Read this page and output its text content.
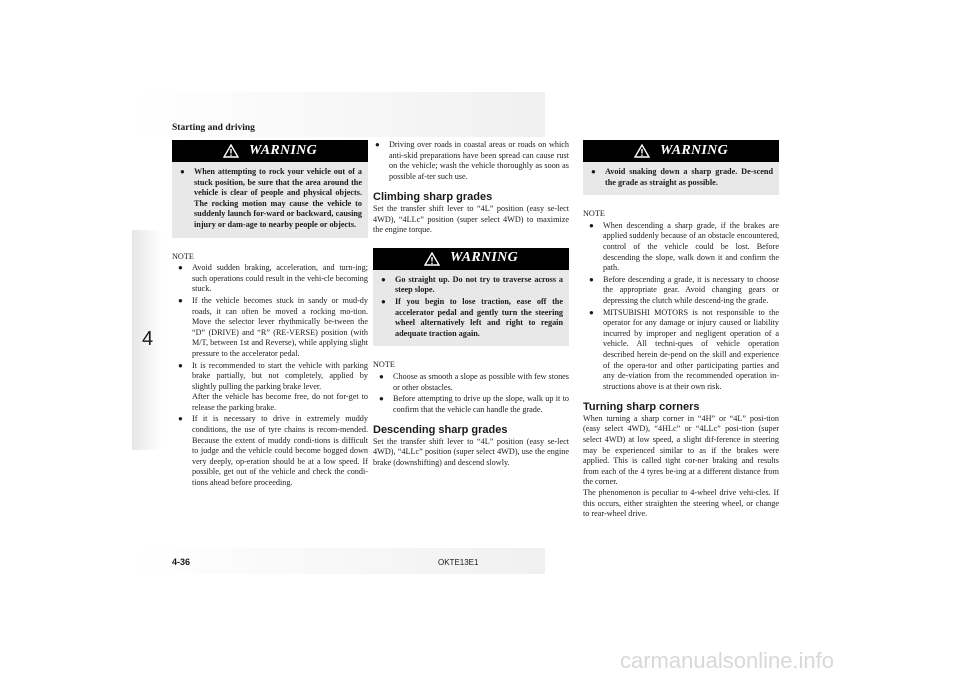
Starting and driving
4
WARNING
●	When attempting to rock your vehicle out of a stuck position, be sure that the area around the vehicle is clear of people and physical objects. The rocking motion may cause the vehicle to suddenly launch for-ward or backward, causing injury or dam-age to nearby people or objects.

NOTE

●	Avoid sudden braking, acceleration, and turn-ing; such operations could result in the vehi-cle becoming stuck.
●	If the vehicle becomes stuck in sandy or mud-dy roads, it can often be moved a rocking mo-tion. Move the selector lever rhythmically be-tween the “D” (DRIVE) and “R” (RE-VERSE) position (with M/T, between 1st and Reverse), while applying slight pressure to the accelerator pedal.
●	It is recommended to start the vehicle with parking brake partially, but not completely, applied by slightly pulling the parking brake lever.
After the vehicle has become free, do not for-get to release the parking brake.
●	If it is necessary to drive in extremely muddy conditions, the use of tyre chains is recom-mended. Because the extent of muddy condi-tions is difficult to judge and the vehicle could become bogged down very deeply, op-eration should be at a low speed. If possible, get out of the vehicle and check the condi-tions ahead before proceeding.
●	Driving over roads in coastal areas or roads on which anti-skid preparations have been spread can cause rust on the vehicle; wash the vehicle thoroughly as soon as possible af-ter such use.
Climbing sharp grades

Set the transfer shift lever to “4L” position (easy se-lect 4WD), “4LLc” position (super select 4WD) to maximize the engine torque.

WARNING
●	Go straight up. Do not try to traverse across a steep slope.
●	If you begin to lose traction, ease off the accelerator pedal and gently turn the steering wheel alternatively left and right to regain adequate traction again.

NOTE

●	Choose as smooth a slope as possible with few stones or other obstacles.
●	Before attempting to drive up the slope, walk up it to confirm that the vehicle can handle the grade.
Descending sharp grades

Set the transfer shift lever to “4L” position (easy se-lect 4WD), “4LLc” position (super select 4WD), use the engine brake (downshifting) and descend slowly.

WARNING
●	Avoid snaking down a sharp grade. De-scend the grade as straight as possible.

NOTE

●	When descending a sharp grade, if the brakes are applied suddenly because of an obstacle encountered, control of the vehicle could be lost. Before descending the slope, walk down it and confirm the path.
●	Before descending a grade, it is necessary to choose the appropriate gear. Avoid changing gears or depressing the clutch while descend-ing the grade.
●	MITSUBISHI MOTORS is not responsible to the operator for any damage or injury caused or liability incurred by improper and negligent operation of a vehicle. All techni-ques of vehicle operation described herein de-pend on the skill and experience of the opera-tor and other participating parties and any de-viation from the recommended operation in-structions above is at their own risk.
Turning sharp corners

When turning a sharp corner in “4H” or “4L” posi-tion (easy select 4WD), “4HLc” or “4LLc” posi-tion (super select 4WD) at low speed, a slight dif-ference in steering may be experienced similar to as if the brakes were applied. This is called tight cor-ner braking and results from each of the 4 tyres be-ing at a different distance from the corner.

The phenomenon is peculiar to 4-wheel drive vehi-cles. If this occurs, either straighten the steering wheel, or change to rear-wheel drive.

4-36	OKTE13E1
carmanualsonline.info
